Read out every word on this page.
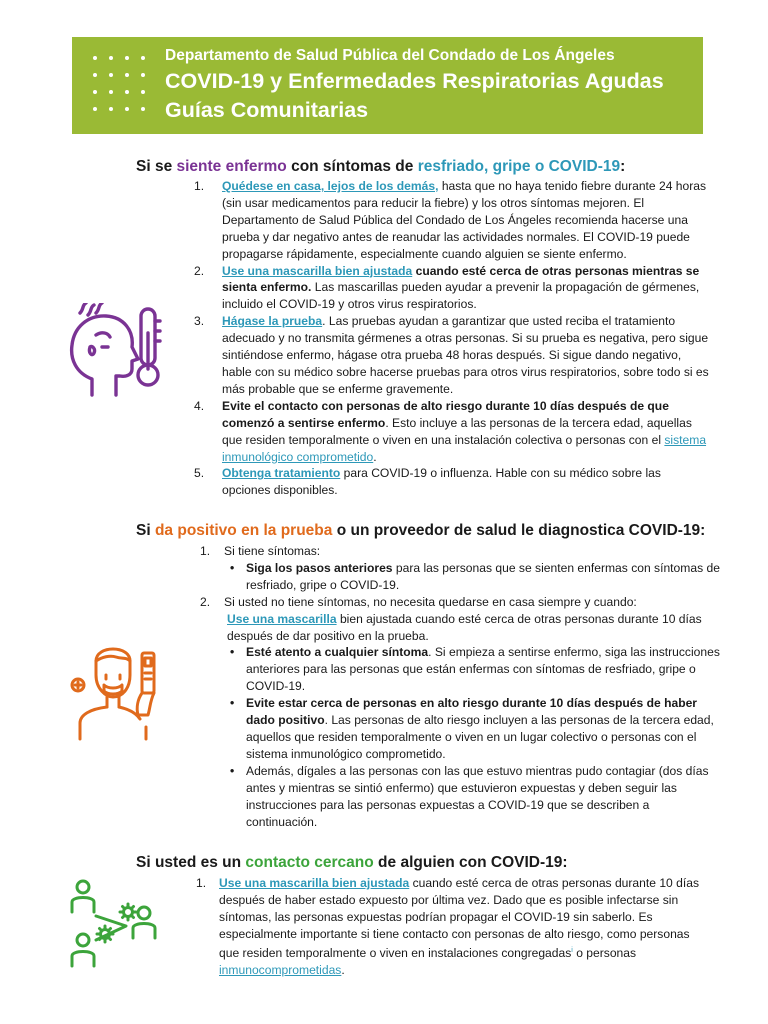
Departamento de Salud Pública del Condado de Los Ángeles
COVID-19 y Enfermedades Respiratorias Agudas
Guías Comunitarias
Si se siente enfermo con síntomas de resfriado, gripe o COVID-19:
1. Quédese en casa, lejos de los demás, hasta que no haya tenido fiebre durante 24 horas (sin usar medicamentos para reducir la fiebre) y los otros síntomas mejoren. El Departamento de Salud Pública del Condado de Los Ángeles recomienda hacerse una prueba y dar negativo antes de reanudar las actividades normales. El COVID-19 puede propagarse rápidamente, especialmente cuando alguien se siente enfermo.
2. Use una mascarilla bien ajustada cuando esté cerca de otras personas mientras se sienta enfermo. Las mascarillas pueden ayudar a prevenir la propagación de gérmenes, incluido el COVID-19 y otros virus respiratorios.
3. Hágase la prueba. Las pruebas ayudan a garantizar que usted reciba el tratamiento adecuado y no transmita gérmenes a otras personas. Si su prueba es negativa, pero sigue sintiéndose enfermo, hágase otra prueba 48 horas después. Si sigue dando negativo, hable con su médico sobre hacerse pruebas para otros virus respiratorios, sobre todo si es más probable que se enferme gravemente.
4. Evite el contacto con personas de alto riesgo durante 10 días después de que comenzó a sentirse enfermo. Esto incluye a las personas de la tercera edad, aquellas que residen temporalmente o viven en una instalación colectiva o personas con el sistema inmunológico comprometido.
5. Obtenga tratamiento para COVID-19 o influenza. Hable con su médico sobre las opciones disponibles.
Si da positivo en la prueba o un proveedor de salud le diagnostica COVID-19:
1. Si tiene síntomas:
• Siga los pasos anteriores para las personas que se sienten enfermas con síntomas de resfriado, gripe o COVID-19.
2. Si usted no tiene síntomas, no necesita quedarse en casa siempre y cuando:
Use una mascarilla bien ajustada cuando esté cerca de otras personas durante 10 días después de dar positivo en la prueba.
• Esté atento a cualquier síntoma. Si empieza a sentirse enfermo, siga las instrucciones anteriores para las personas que están enfermas con síntomas de resfriado, gripe o COVID-19.
• Evite estar cerca de personas en alto riesgo durante 10 días después de haber dado positivo. Las personas de alto riesgo incluyen a las personas de la tercera edad, aquellos que residen temporalmente o viven en un lugar colectivo o personas con el sistema inmunológico comprometido.
• Además, dígales a las personas con las que estuvo mientras pudo contagiar (dos días antes y mientras se sintió enfermo) que estuvieron expuestas y deben seguir las instrucciones para las personas expuestas a COVID-19 que se describen a continuación.
Si usted es un contacto cercano de alguien con COVID-19:
1. Use una mascarilla bien ajustada cuando esté cerca de otras personas durante 10 días después de haber estado expuesto por última vez. Dado que es posible infectarse sin síntomas, las personas expuestas podrían propagar el COVID-19 sin saberlo. Es especialmente importante si tiene contacto con personas de alto riesgo, como personas que residen temporalmente o viven en instalaciones congregadas$^i$ o personas inmunocomprometidas.
